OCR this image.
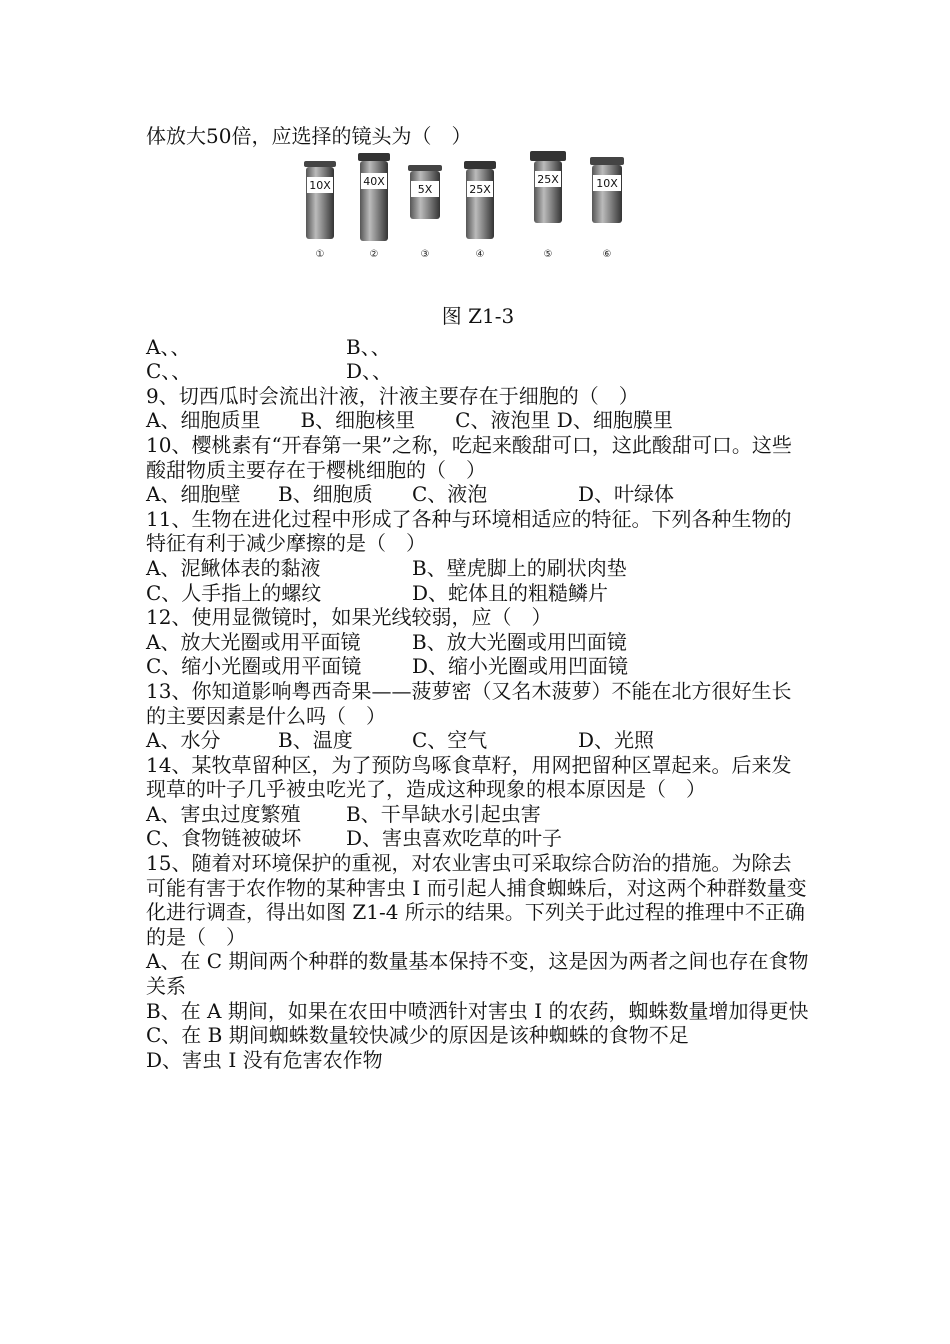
体放大50倍，应选择的镜头为（　）
10X
①
40X
②
5X
③
25X
④
25X
⑤
10X
⑥
图 Z1-3
A、、	B、、
C、、	D、、
9、切西瓜时会流出汁液，汁液主要存在于细胞的（　）
A、细胞质里　　B、细胞核里　　C、液泡里 D、细胞膜里
10、樱桃素有“开春第一果”之称，吃起来酸甜可口，这此酸甜可口。这些酸甜物质主要存在于樱桃细胞的（　）
A、细胞壁	B、细胞质	C、液泡	D、叶绿体
11、生物在进化过程中形成了各种与环境相适应的特征。下列各种生物的特征有利于减少摩擦的是（　）
A、泥鳅体表的黏液	B、壁虎脚上的刷状肉垫
C、人手指上的螺纹	D、蛇体且的粗糙鳞片
12、使用显微镜时，如果光线较弱，应（　）
A、放大光圈或用平面镜	B、放大光圈或用凹面镜
C、缩小光圈或用平面镜	D、缩小光圈或用凹面镜
13、你知道影响粤西奇果——菠萝密（又名木菠萝）不能在北方很好生长的主要因素是什么吗（　）
A、水分	B、温度	C、空气	D、光照
14、某牧草留种区，为了预防鸟啄食草籽，用网把留种区罩起来。后来发现草的叶子几乎被虫吃光了，造成这种现象的根本原因是（　）
A、害虫过度繁殖	B、干旱缺水引起虫害
C、食物链被破坏	D、害虫喜欢吃草的叶子
15、随着对环境保护的重视，对农业害虫可采取综合防治的措施。为除去可能有害于农作物的某种害虫 I 而引起人捕食蜘蛛后，对这两个种群数量变化进行调查，得出如图 Z1-4 所示的结果。下列关于此过程的推理中不正确的是（　）
A、在 C 期间两个种群的数量基本保持不变，这是因为两者之间也存在食物关系
B、在 A 期间，如果在农田中喷洒针对害虫 I 的农药，蜘蛛数量增加得更快
C、在 B 期间蜘蛛数量较快减少的原因是该种蜘蛛的食物不足
D、害虫 I 没有危害农作物
